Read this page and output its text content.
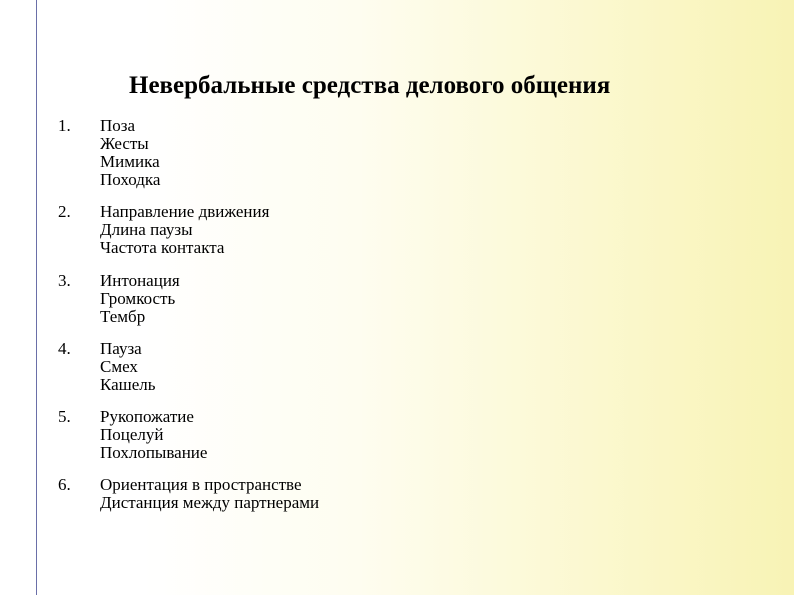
Невербальные средства делового общения
1. Поза
Жесты
Мимика
Походка
2. Направление движения
Длина паузы
Частота контакта
3. Интонация
Громкость
Тембр
4. Пауза
Смех
Кашель
5. Рукопожатие
Поцелуй
Похлопывание
6. Ориентация в пространстве
Дистанция между партнерами
